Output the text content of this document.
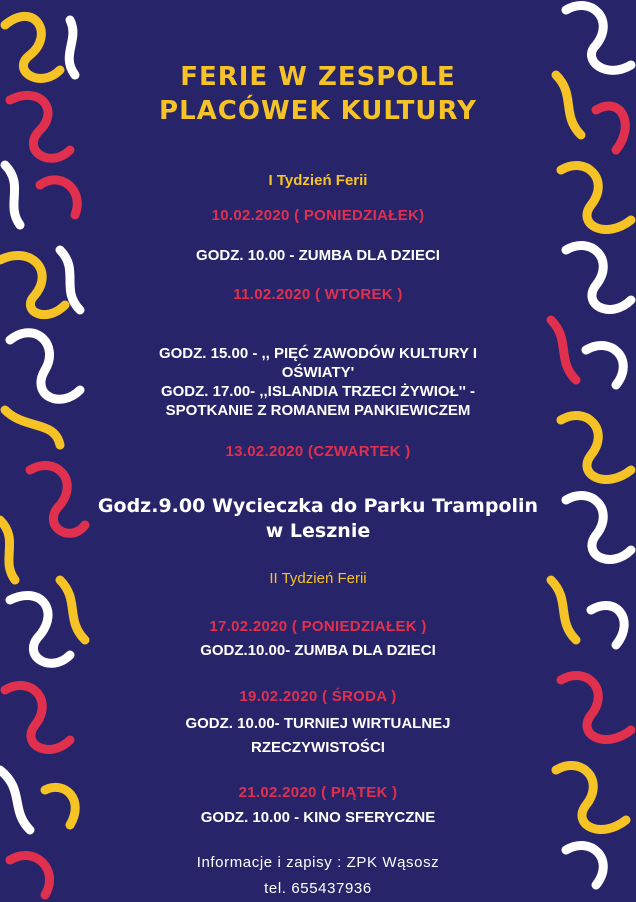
FERIE W ZESPOLE
PLACÓWEK KULTURY
I Tydzień Ferii
10.02.2020 ( PONIEDZIAŁEK)
GODZ. 10.00 - ZUMBA DLA DZIECI
11.02.2020 ( WTOREK )
GODZ. 15.00 - ,, PIĘĆ ZAWODÓW KULTURY I
OŚWIATY'
GODZ. 17.00- ,,ISLANDIA TRZECI ŻYWIOŁ'' -
SPOTKANIE Z ROMANEM PANKIEWICZEM
13.02.2020 (CZWARTEK )
Godz.9.00 Wycieczka do Parku Trampolin
w Lesznie
II Tydzień Ferii
17.02.2020 ( PONIEDZIAŁEK )
GODZ.10.00- ZUMBA DLA DZIECI
19.02.2020 ( ŚRODA )
GODZ. 10.00- TURNIEJ WIRTUALNEJ
RZECZYWISTOŚCI
21.02.2020 ( PIĄTEK )
GODZ. 10.00 - KINO SFERYCZNE
Informacje i zapisy : ZPK Wąsosz
tel. 655437936
